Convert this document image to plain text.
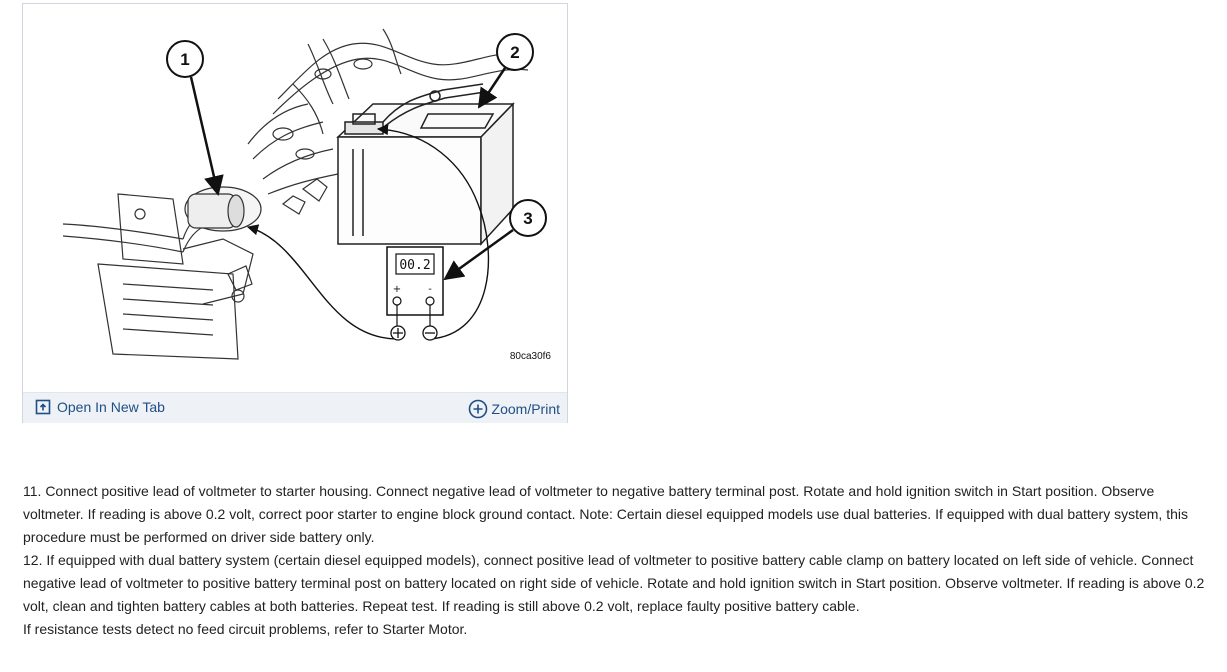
00.2
+	-
1	2
3
80ca30f6
Open In New Tab	Zoom/Print

11. Connect positive lead of voltmeter to starter housing. Connect negative lead of voltmeter to negative battery terminal post. Rotate and hold ignition switch in Start position. Observe voltmeter. If reading is above 0.2 volt, correct poor starter to engine block ground contact. Note: Certain diesel equipped models use dual batteries. If equipped with dual battery system, this procedure must be performed on driver side battery only.

12. If equipped with dual battery system (certain diesel equipped models), connect positive lead of voltmeter to positive battery cable clamp on battery located on left side of vehicle. Connect negative lead of voltmeter to positive battery terminal post on battery located on right side of vehicle. Rotate and hold ignition switch in Start position. Observe voltmeter. If reading is above 0.2 volt, clean and tighten battery cables at both batteries. Repeat test. If reading is still above 0.2 volt, replace faulty positive battery cable.

If resistance tests detect no feed circuit problems, refer to Starter Motor.
